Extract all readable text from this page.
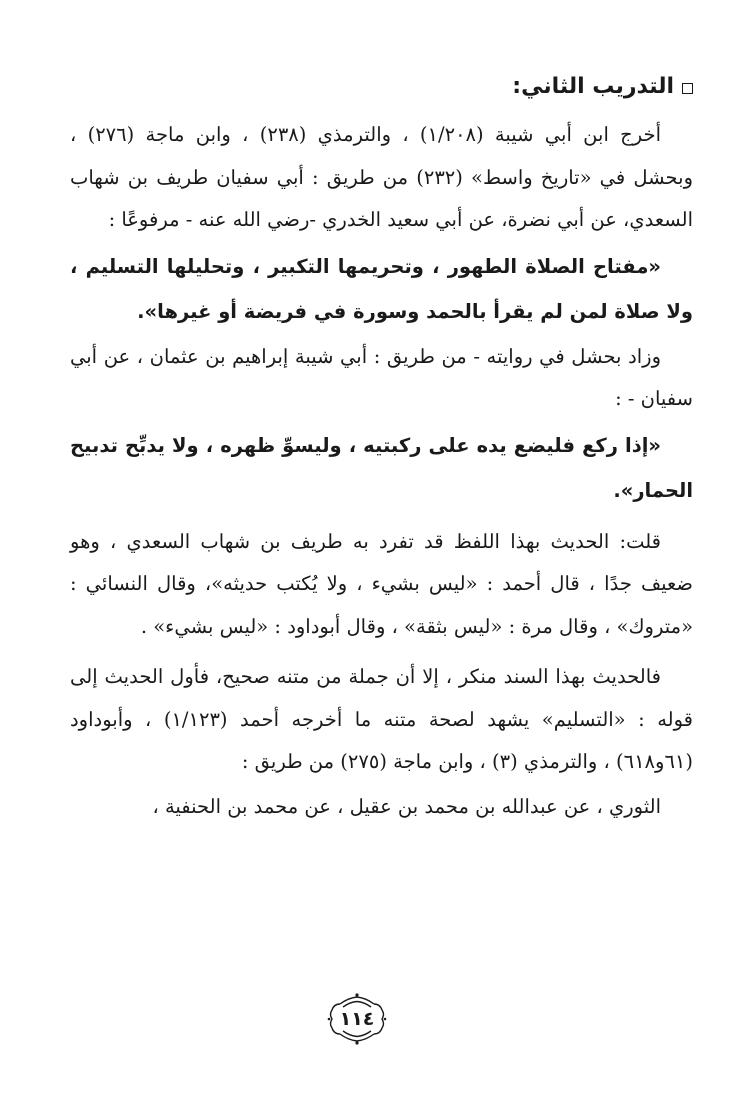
التدريب الثاني:

أخرج ابن أبي شيبة (١/٢٠٨) ، والترمذي (٢٣٨) ، وابن ماجة (٢٧٦) ، وبحشل في «تاريخ واسط» (٢٣٢) من طريق : أبي سفيان طريف بن شهاب السعدي، عن أبي نضرة، عن أبي سعيد الخدري -رضي الله عنه - مرفوعًا :

«مفتاح الصلاة الطهور ، وتحريمها التكبير ، وتحليلها التسليم ، ولا صلاة لمن لم يقرأ بالحمد وسورة في فريضة أو غيرها».

وزاد بحشل في روايته - من طريق : أبي شيبة إبراهيم بن عثمان ، عن أبي سفيان - :

«إذا ركع فليضع يده على ركبتيه ، وليسوِّ ظهره ، ولا يدبِّح تدبيح الحمار».

قلت: الحديث بهذا اللفظ قد تفرد به طريف بن شهاب السعدي ، وهو ضعيف جدًا ، قال أحمد : «ليس بشيء ، ولا يُكتب حديثه»، وقال النسائي : «متروك» ، وقال مرة : «ليس بثقة» ، وقال أبوداود : «ليس بشيء» .

فالحديث بهذا السند منكر ، إلا أن جملة من متنه صحيح، فأول الحديث إلى قوله : «التسليم» يشهد لصحة متنه ما أخرجه أحمد (١/١٢٣) ، وأبوداود (٦١و٦١٨) ، والترمذي (٣) ، وابن ماجة (٢٧٥) من طريق :

الثوري ، عن عبدالله بن محمد بن عقيل ، عن محمد بن الحنفية ،

١١٤
